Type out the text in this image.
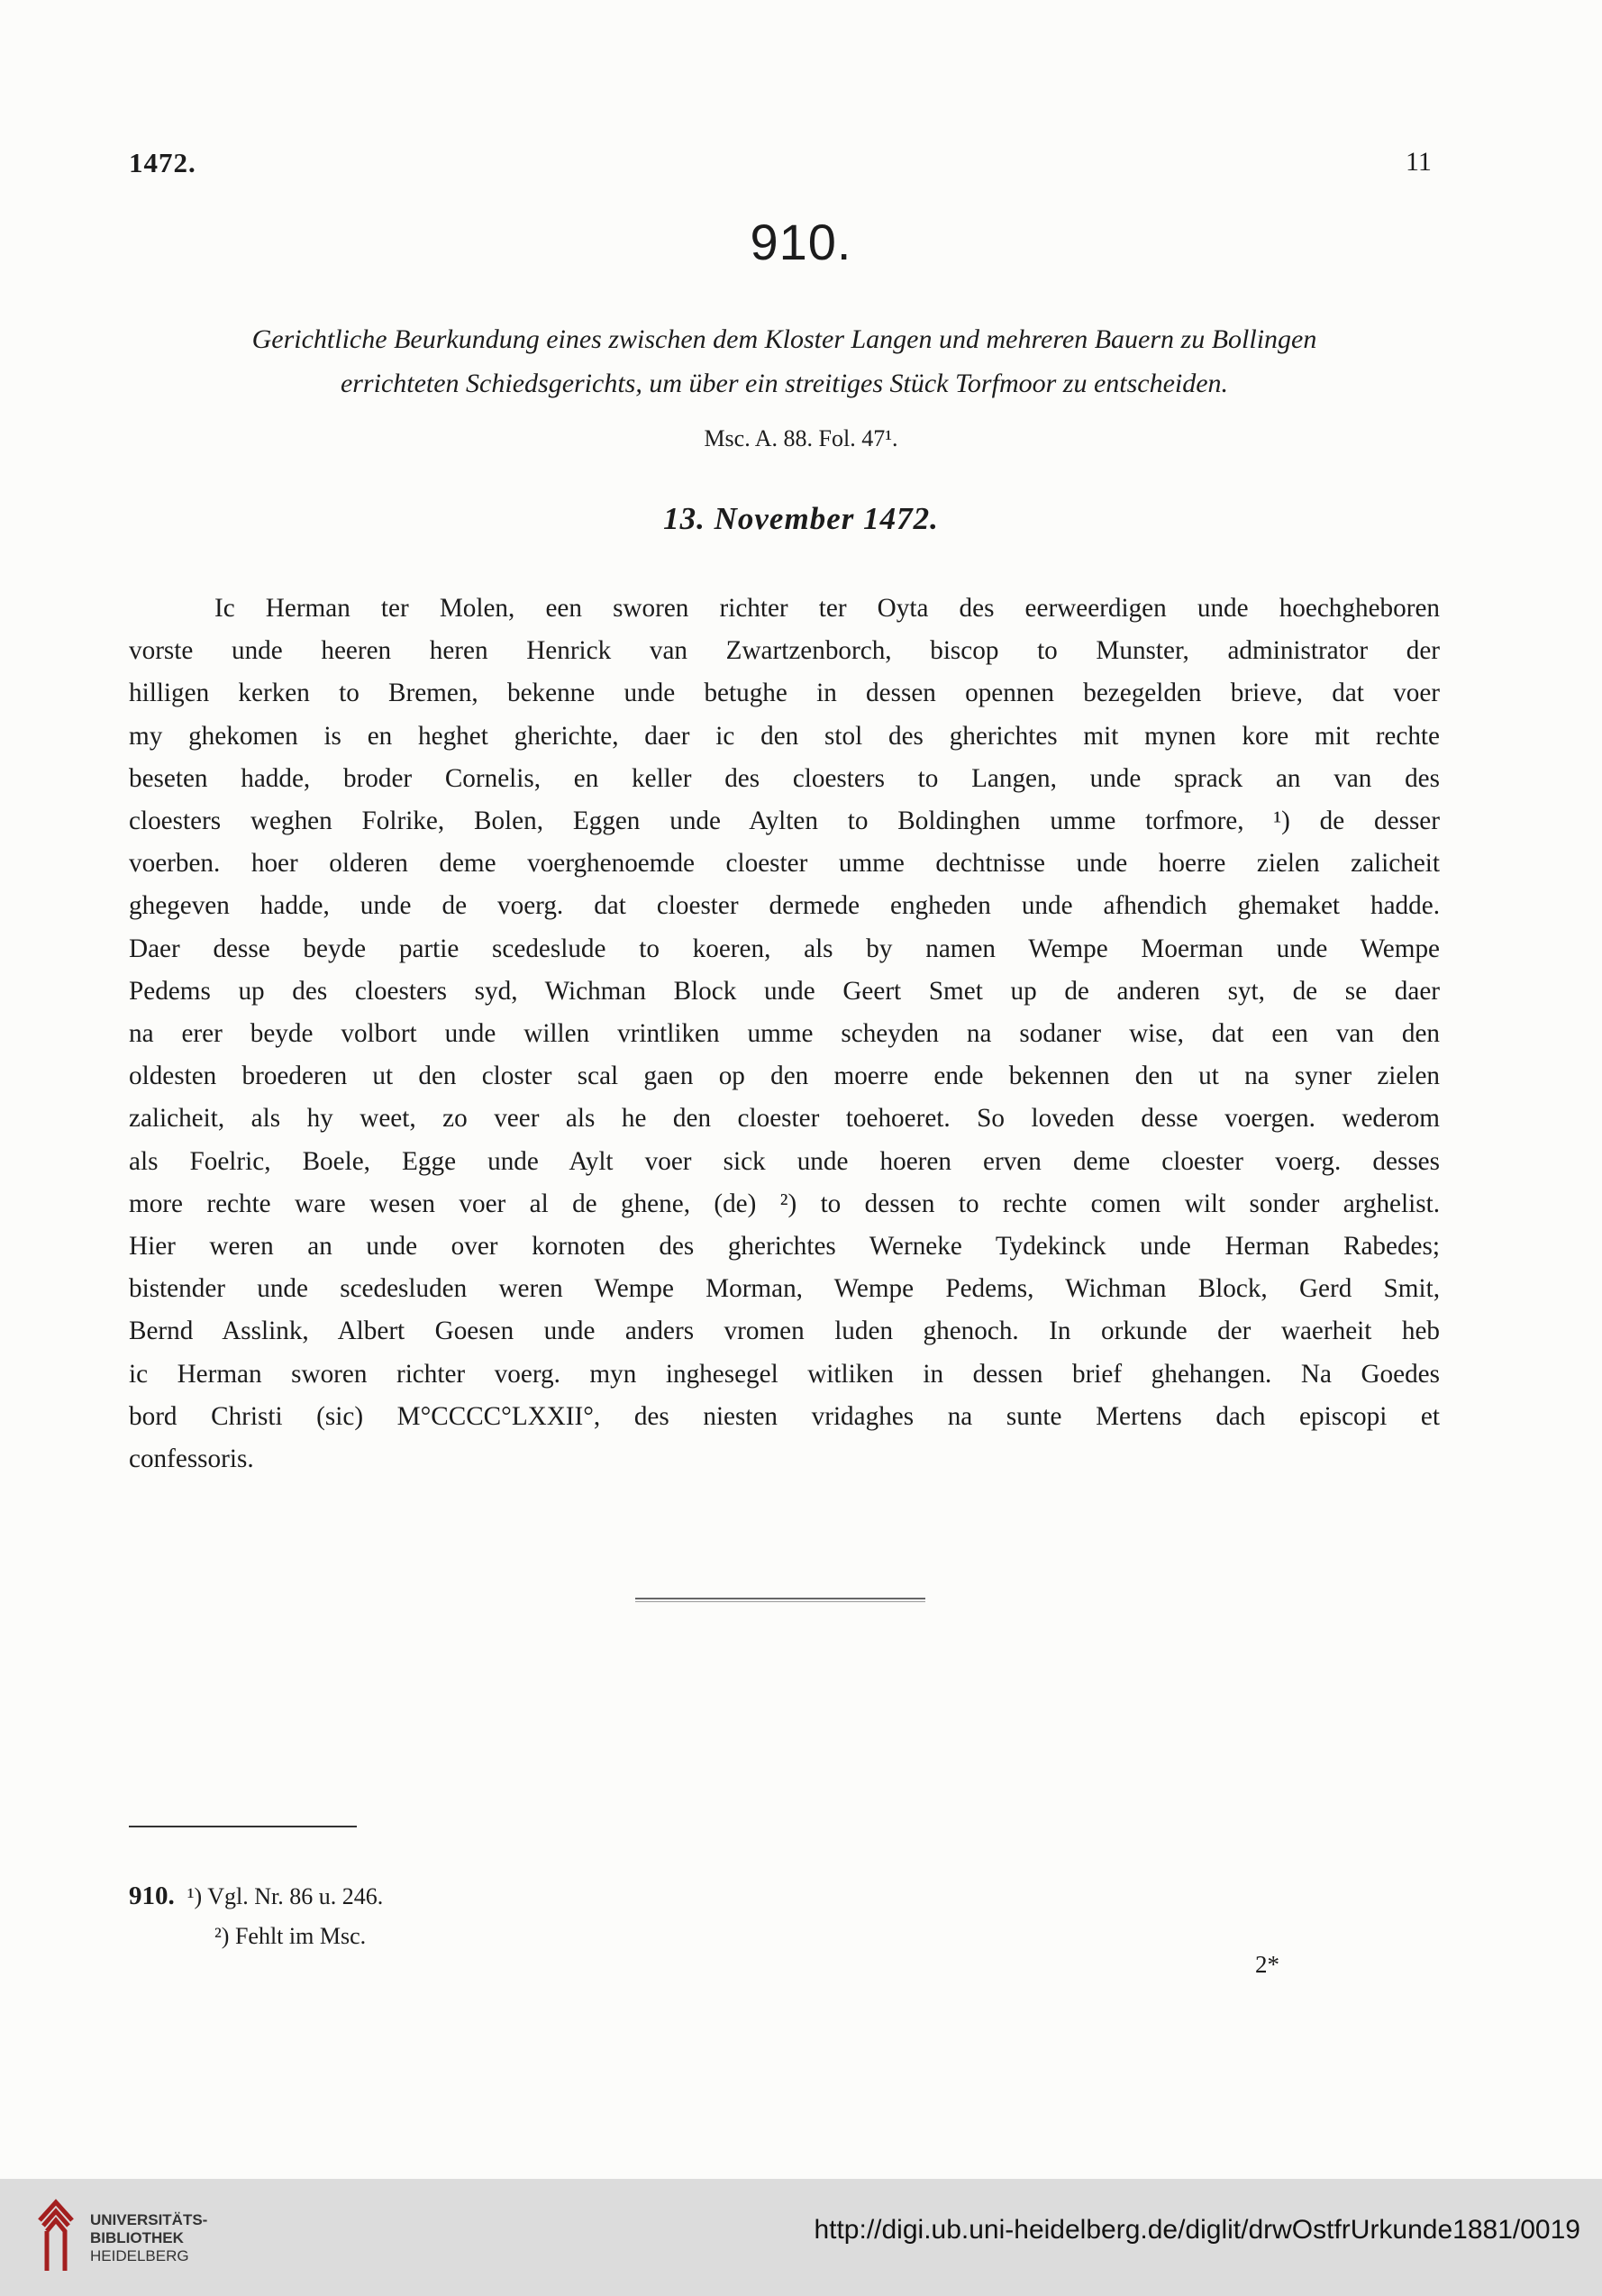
1472.	11
910.
Gerichtliche Beurkundung eines zwischen dem Kloster Langen und mehreren Bauern zu Bollingen
errichteten Schiedsgerichts, um über ein streitiges Stück Torfmoor zu entscheiden.
Msc. A. 88. Fol. 47¹.
13. November 1472.
Ic Herman ter Molen, een sworen richter ter Oyta des eerweerdigen unde hoechgheboren
vorste unde heeren heren Henrick van Zwartzenborch, biscop to Munster, administrator der
hilligen kerken to Bremen, bekenne unde betughe in dessen opennen bezegelden brieve, dat voer
my ghekomen is en heghet gherichte, daer ic den stol des gherichtes mit mynen kore mit rechte
beseten hadde, broder Cornelis, en keller des cloesters to Langen, unde sprack an van des
cloesters weghen Folrike, Bolen, Eggen unde Aylten to Boldinghen umme torfmore, ¹) de desser
voerben. hoer olderen deme voerghenoemde cloester umme dechtnisse unde hoerre zielen zalicheit
ghegeven hadde, unde de voerg. dat cloester dermede engheden unde afhendich ghemaket hadde.
Daer desse beyde partie scedeslude to koeren, als by namen Wempe Moerman unde Wempe
Pedems up des cloesters syd, Wichman Block unde Geert Smet up de anderen syt, de se daer
na erer beyde volbort unde willen vrintliken umme scheyden na sodaner wise, dat een van den
oldesten broederen ut den closter scal gaen op den moerre ende bekennen den ut na syner zielen
zalicheit, als hy weet, zo veer als he den cloester toehoeret. So loveden desse voergen. wederom
als Foelric, Boele, Egge unde Aylt voer sick unde hoeren erven deme cloester voerg. desses
more rechte ware wesen voer al de ghene, (de) ²) to dessen to rechte comen wilt sonder arghelist.
Hier weren an unde over kornoten des gherichtes Werneke Tydekinck unde Herman Rabedes;
bistender unde scedesluden weren Wempe Morman, Wempe Pedems, Wichman Block, Gerd Smit,
Bernd Asslink, Albert Goesen unde anders vromen luden ghenoch. In orkunde der waerheit heb
ic Herman sworen richter voerg. myn inghesegel witliken in dessen brief ghehangen. Na Goedes
bord Christi (sic) M°CCCC°LXXII°, des niesten vridaghes na sunte Mertens dach episcopi et
confessoris.
910. ¹) Vgl. Nr. 86 u. 246.
²) Fehlt im Msc.
2*
UNIVERSITÄTS-
BIBLIOTHEK
HEIDELBERG
http://digi.ub.uni-heidelberg.de/diglit/drwOstfrUrkunde1881/0019
